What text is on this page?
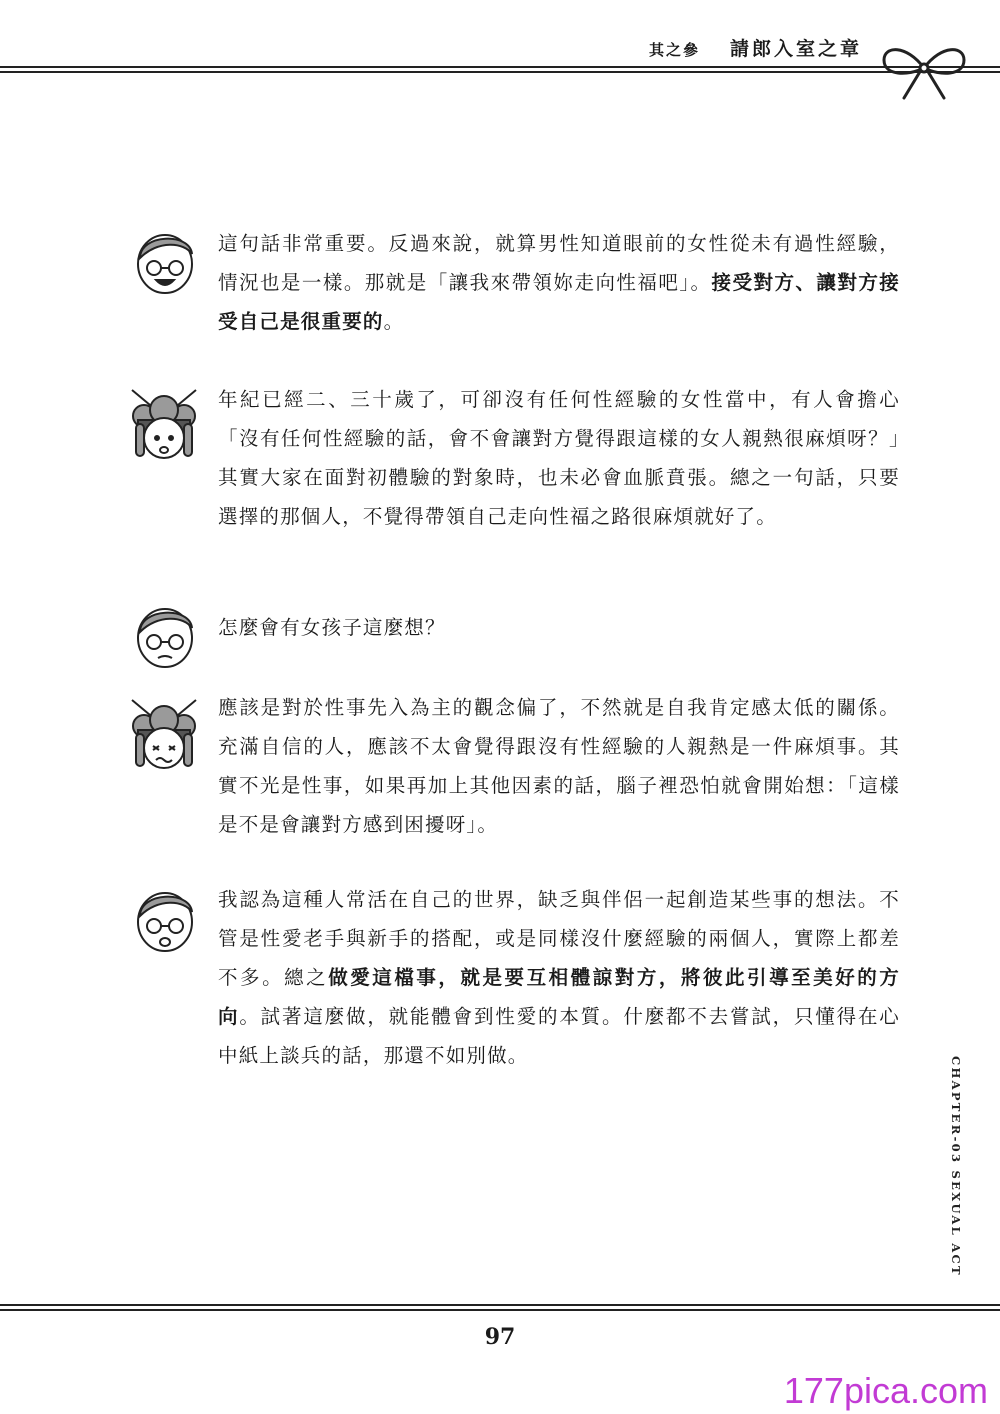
其之參 請郎入室之章

這句話非常重要。反過來說，就算男性知道眼前的女性從未有過性經驗，情況也是一樣。那就是「讓我來帶領妳走向性福吧」。接受對方、讓對方接受自己是很重要的。

年紀已經二、三十歲了，可卻沒有任何性經驗的女性當中，有人會擔心「沒有任何性經驗的話，會不會讓對方覺得跟這樣的女人親熱很麻煩呀？」其實大家在面對初體驗的對象時，也未必會血脈賁張。總之一句話，只要選擇的那個人，不覺得帶領自己走向性福之路很麻煩就好了。

怎麼會有女孩子這麼想？

應該是對於性事先入為主的觀念偏了，不然就是自我肯定感太低的關係。充滿自信的人，應該不太會覺得跟沒有性經驗的人親熱是一件麻煩事。其實不光是性事，如果再加上其他因素的話，腦子裡恐怕就會開始想：「這樣是不是會讓對方感到困擾呀」。

我認為這種人常活在自己的世界，缺乏與伴侶一起創造某些事的想法。不管是性愛老手與新手的搭配，或是同樣沒什麼經驗的兩個人，實際上都差不多。總之做愛這檔事，就是要互相體諒對方，將彼此引導至美好的方向。試著這麼做，就能體會到性愛的本質。什麼都不去嘗試，只懂得在心中紙上談兵的話，那還不如別做。

CHAPTER-03 SEXUAL ACT
97
177pica.com
